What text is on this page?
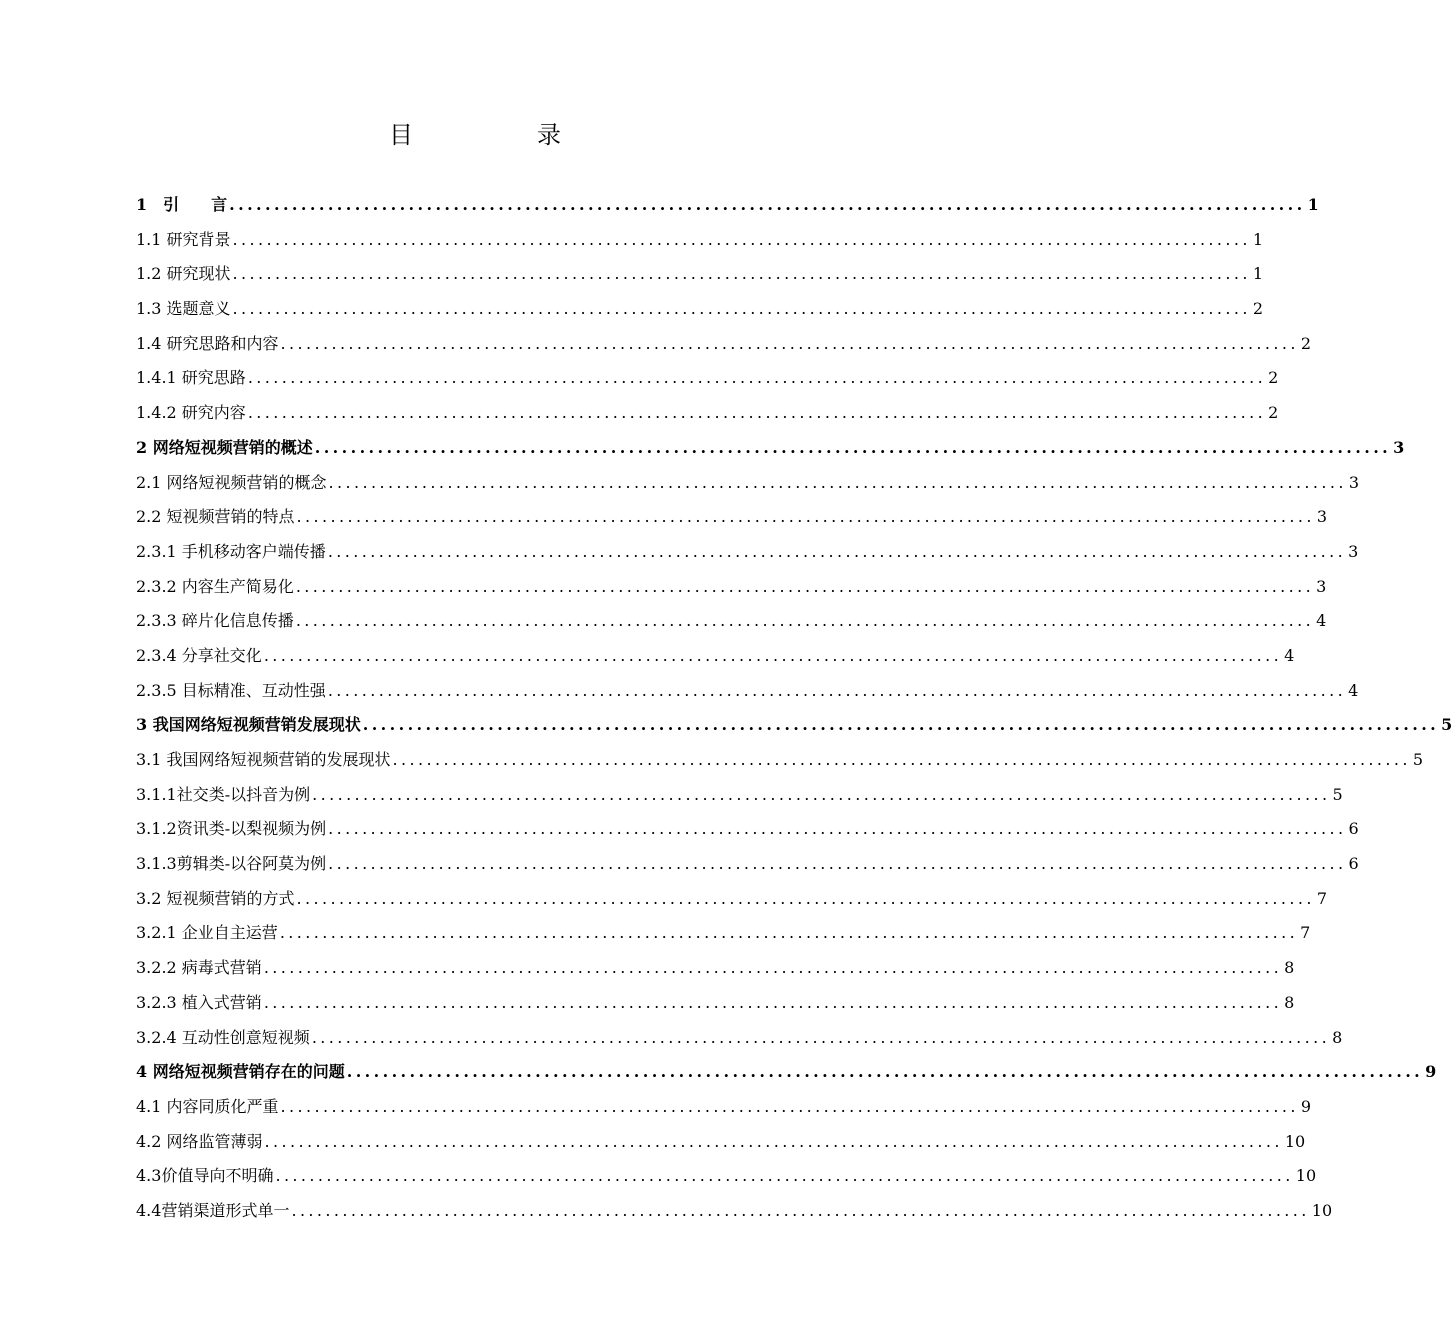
目　录
1　引　　言 ........................................................................................................................ 1
1.1 研究背景 ........................................................................................................................ 1
1.2 研究现状 ........................................................................................................................ 1
1.3 选题意义 ........................................................................................................................ 2
1.4 研究思路和内容 ........................................................................................................................ 2
1.4.1 研究思路 ........................................................................................................................ 2
1.4.2 研究内容 ........................................................................................................................ 2
2 网络短视频营销的概述 ........................................................................................................................ 3
2.1 网络短视频营销的概念 ........................................................................................................................ 3
2.2 短视频营销的特点 ........................................................................................................................ 3
2.3.1 手机移动客户端传播 ........................................................................................................................ 3
2.3.2 内容生产简易化 ........................................................................................................................ 3
2.3.3 碎片化信息传播 ........................................................................................................................ 4
2.3.4 分享社交化 ........................................................................................................................ 4
2.3.5 目标精准、互动性强 ........................................................................................................................ 4
3 我国网络短视频营销发展现状 ........................................................................................................................ 5
3.1 我国网络短视频营销的发展现状 ........................................................................................................................ 5
3.1.1社交类-以抖音为例 ........................................................................................................................ 5
3.1.2资讯类-以梨视频为例 ........................................................................................................................ 6
3.1.3剪辑类-以谷阿莫为例 ........................................................................................................................ 6
3.2 短视频营销的方式 ........................................................................................................................ 7
3.2.1 企业自主运营 ........................................................................................................................ 7
3.2.2 病毒式营销 ........................................................................................................................ 8
3.2.3 植入式营销 ........................................................................................................................ 8
3.2.4 互动性创意短视频 ........................................................................................................................ 8
4 网络短视频营销存在的问题 ........................................................................................................................ 9
4.1 内容同质化严重 ........................................................................................................................ 9
4.2 网络监管薄弱 ........................................................................................................................ 10
4.3价值导向不明确 ........................................................................................................................ 10
4.4营销渠道形式单一 ........................................................................................................................ 10
